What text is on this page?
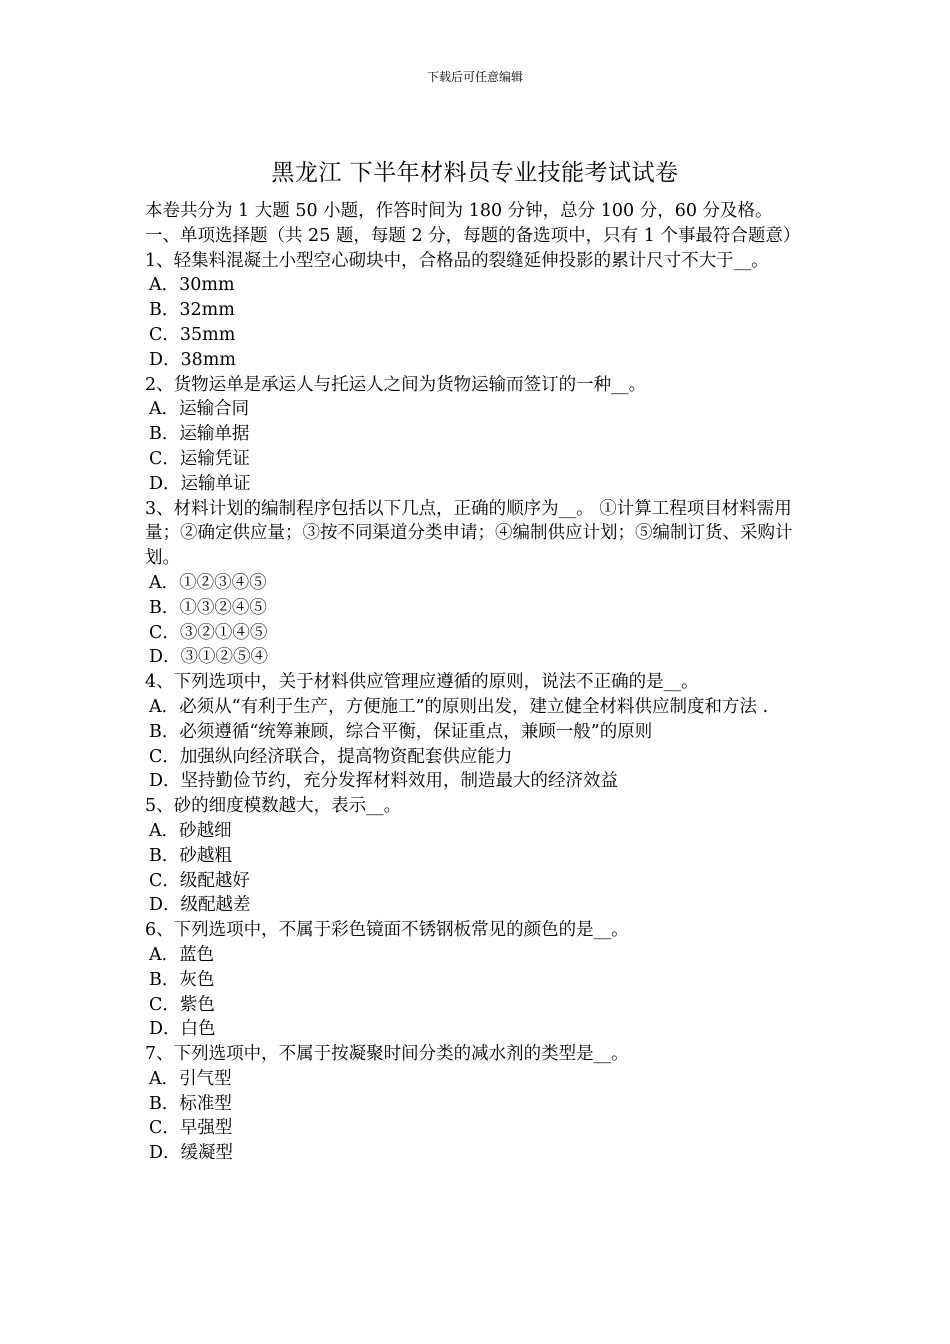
下载后可任意编辑
黑龙江 下半年材料员专业技能考试试卷
本卷共分为 1 大题 50 小题，作答时间为 180 分钟，总分 100 分，60 分及格。
一、单项选择题（共 25 题，每题 2 分，每题的备选项中，只有 1 个事最符合题意）
1、轻集料混凝土小型空心砌块中，合格品的裂缝延伸投影的累计尺寸不大于__。
A．30mm
B．32mm
C．35mm
D．38mm
2、货物运单是承运人与托运人之间为货物运输而签订的一种__。
A．运输合同
B．运输单据
C．运输凭证
D．运输单证
3、材料计划的编制程序包括以下几点，正确的顺序为__。 ①计算工程项目材料需用量；②确定供应量；③按不同渠道分类申请；④编制供应计划；⑤编制订货、采购计划。
A．①②③④⑤
B．①③②④⑤
C．③②①④⑤
D．③①②⑤④
4、下列选项中，关于材料供应管理应遵循的原则，说法不正确的是__。
A．必须从“有利于生产，方便施工”的原则出发，建立健全材料供应制度和方法 .
B．必须遵循“统筹兼顾，综合平衡，保证重点，兼顾一般”的原则
C．加强纵向经济联合，提高物资配套供应能力
D．坚持勤俭节约，充分发挥材料效用，制造最大的经济效益
5、砂的细度模数越大，表示__。
A．砂越细
B．砂越粗
C．级配越好
D．级配越差
6、下列选项中，不属于彩色镜面不锈钢板常见的颜色的是__。
A．蓝色
B．灰色
C．紫色
D．白色
7、下列选项中，不属于按凝聚时间分类的减水剂的类型是__。
A．引气型
B．标准型
C．早强型
D．缓凝型
